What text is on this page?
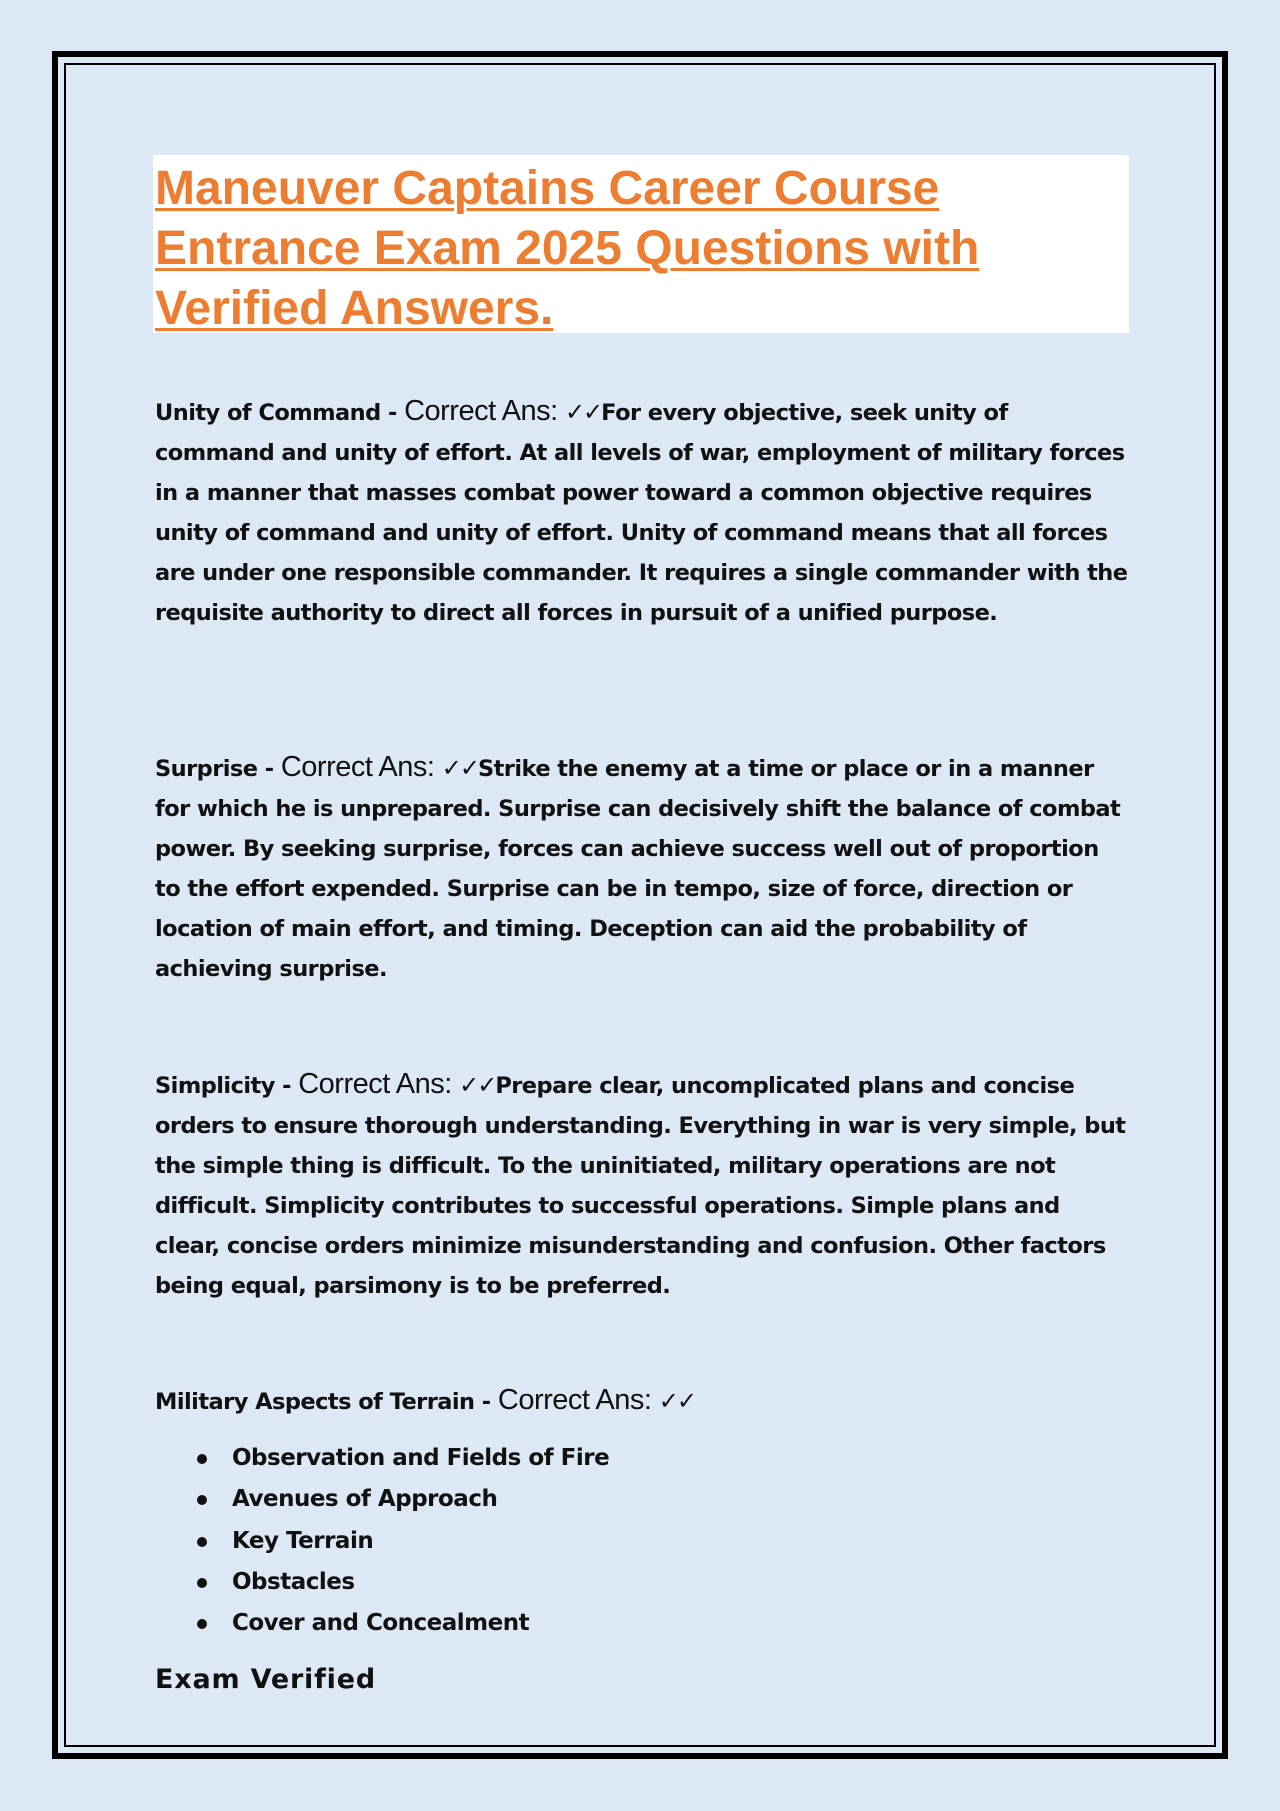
Maneuver Captains Career Course Entrance Exam 2025 Questions with Verified Answers.

Unity of Command - Correct Ans: ✓✓For every objective, seek unity of command and unity of effort. At all levels of war, employment of military forces in a manner that masses combat power toward a common objective requires unity of command and unity of effort. Unity of command means that all forces are under one responsible commander. It requires a single commander with the requisite authority to direct all forces in pursuit of a unified purpose.

Surprise - Correct Ans: ✓✓Strike the enemy at a time or place or in a manner for which he is unprepared. Surprise can decisively shift the balance of combat power. By seeking surprise, forces can achieve success well out of proportion to the effort expended. Surprise can be in tempo, size of force, direction or location of main effort, and timing. Deception can aid the probability of achieving surprise.

Simplicity - Correct Ans: ✓✓Prepare clear, uncomplicated plans and concise orders to ensure thorough understanding. Everything in war is very simple, but the simple thing is difficult. To the uninitiated, military operations are not difficult. Simplicity contributes to successful operations. Simple plans and clear, concise orders minimize misunderstanding and confusion. Other factors being equal, parsimony is to be preferred.

Military Aspects of Terrain - Correct Ans: ✓✓

Observation and Fields of Fire
Avenues of Approach
Key Terrain
Obstacles
Cover and Concealment

Exam Verified
